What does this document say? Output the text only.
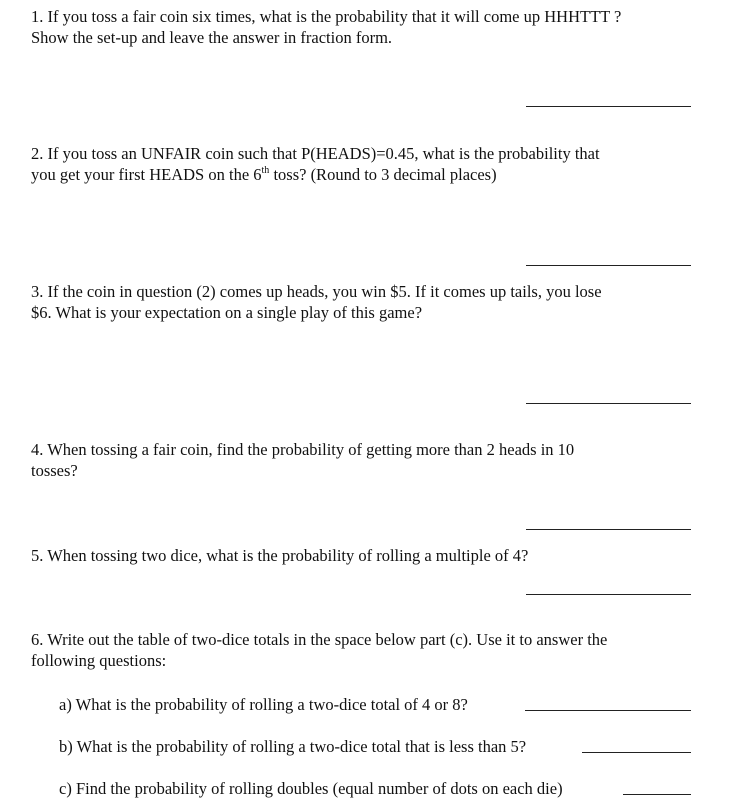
1. If you toss a fair coin six times, what is the probability that it will come up HHHTTT ?

Show the set-up and leave the answer in fraction form.

2. If you toss an UNFAIR coin such that P(HEADS)=0.45, what is the probability that

you get your first HEADS on the 6th toss? (Round to 3 decimal places)

3. If the coin in question (2) comes up heads, you win $5. If it comes up tails, you lose

$6. What is your expectation on a single play of this game?

4. When tossing a fair coin, find the probability of getting more than 2 heads in 10

tosses?

5. When tossing two dice, what is the probability of rolling a multiple of 4?

6. Write out the table of two-dice totals in the space below part (c). Use it to answer the

following questions:

a) What is the probability of rolling a two-dice total of 4 or 8?

b) What is the probability of rolling a two-dice total that is less than 5?

c) Find the probability of rolling doubles (equal number of dots on each die)
